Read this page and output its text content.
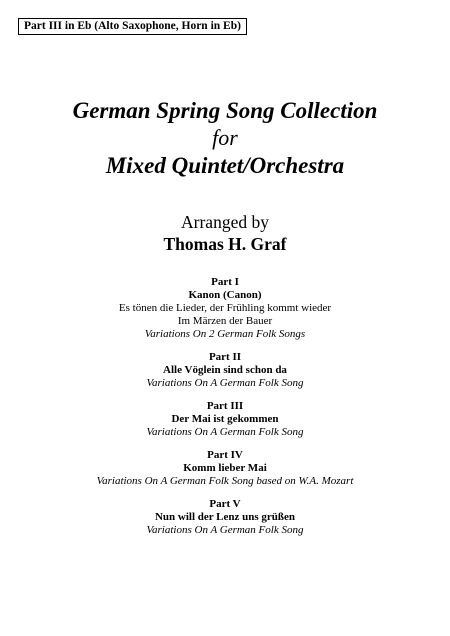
Part III in Eb (Alto Saxophone, Horn in Eb)
German Spring Song Collection
for
Mixed Quintet/Orchestra
Arranged by
Thomas H. Graf
Part I
Kanon (Canon)
Es tönen die Lieder, der Frühling kommt wieder
Im Märzen der Bauer
Variations On 2 German Folk Songs
Part II
Alle Vöglein sind schon da
Variations On A German Folk Song
Part III
Der Mai ist gekommen
Variations On A German Folk Song
Part IV
Komm lieber Mai
Variations On A German Folk Song based on W.A. Mozart
Part V
Nun will der Lenz uns grüßen
Variations On A German Folk Song
